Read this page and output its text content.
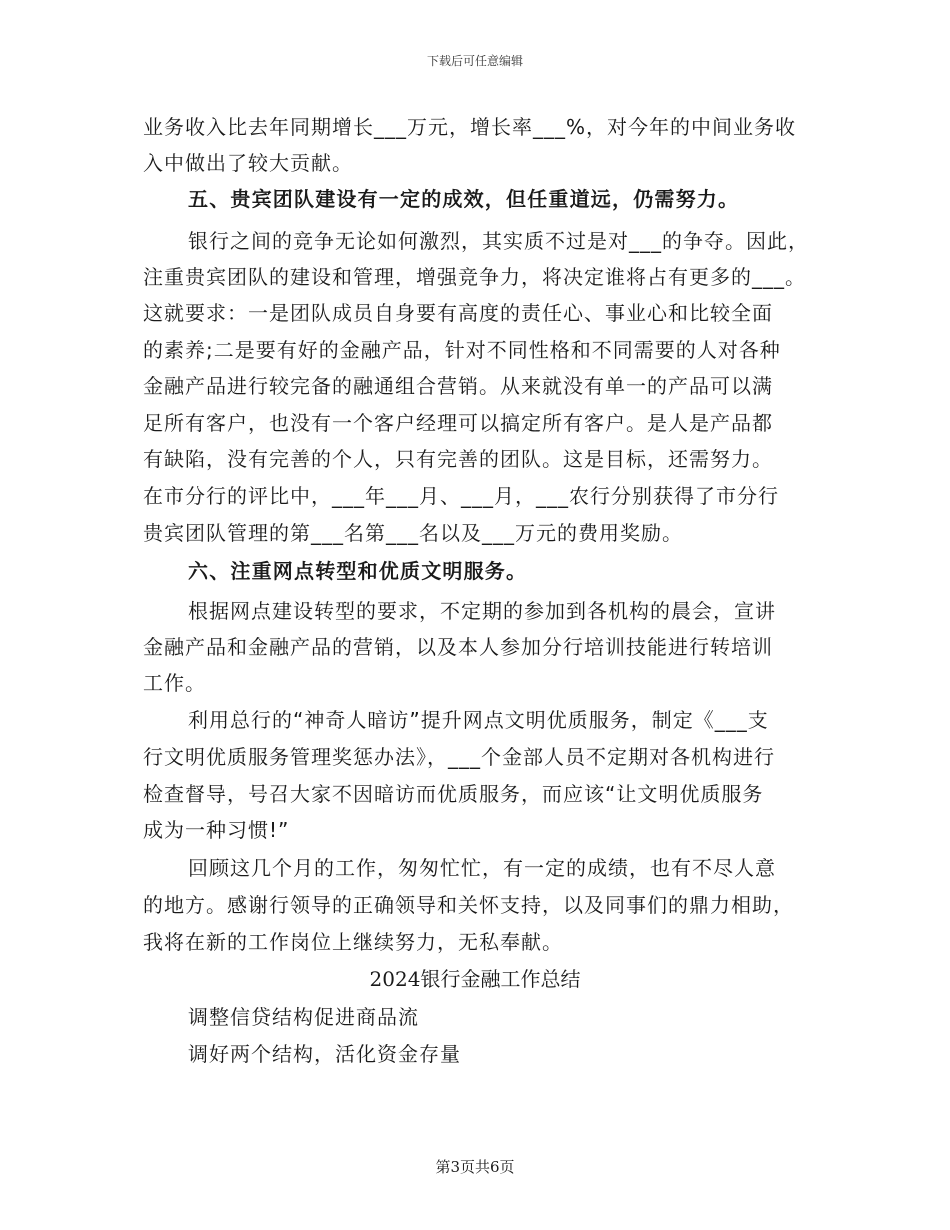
下载后可任意编辑
业务收入比去年同期增长___万元，增长率___%，对今年的中间业务收
入中做出了较大贡献。
五、贵宾团队建设有一定的成效，但任重道远，仍需努力。
银行之间的竞争无论如何激烈，其实质不过是对___的争夺。因此，
注重贵宾团队的建设和管理，增强竞争力，将决定谁将占有更多的___。
这就要求：一是团队成员自身要有高度的责任心、事业心和比较全面
的素养;二是要有好的金融产品，针对不同性格和不同需要的人对各种
金融产品进行较完备的融通组合营销。从来就没有单一的产品可以满
足所有客户，也没有一个客户经理可以搞定所有客户。是人是产品都
有缺陷，没有完善的个人，只有完善的团队。这是目标，还需努力。
在市分行的评比中，___年___月、___月，___农行分别获得了市分行
贵宾团队管理的第___名第___名以及___万元的费用奖励。
六、注重网点转型和优质文明服务。
根据网点建设转型的要求，不定期的参加到各机构的晨会，宣讲
金融产品和金融产品的营销，以及本人参加分行培训技能进行转培训
工作。
利用总行的“神奇人暗访”提升网点文明优质服务，制定《___支
行文明优质服务管理奖惩办法》，___个金部人员不定期对各机构进行
检查督导，号召大家不因暗访而优质服务，而应该“让文明优质服务
成为一种习惯!”
回顾这几个月的工作，匆匆忙忙，有一定的成绩，也有不尽人意
的地方。感谢行领导的正确领导和关怀支持，以及同事们的鼎力相助，
我将在新的工作岗位上继续努力，无私奉献。
2024银行金融工作总结
调整信贷结构促进商品流
调好两个结构，活化资金存量
第3页共6页
